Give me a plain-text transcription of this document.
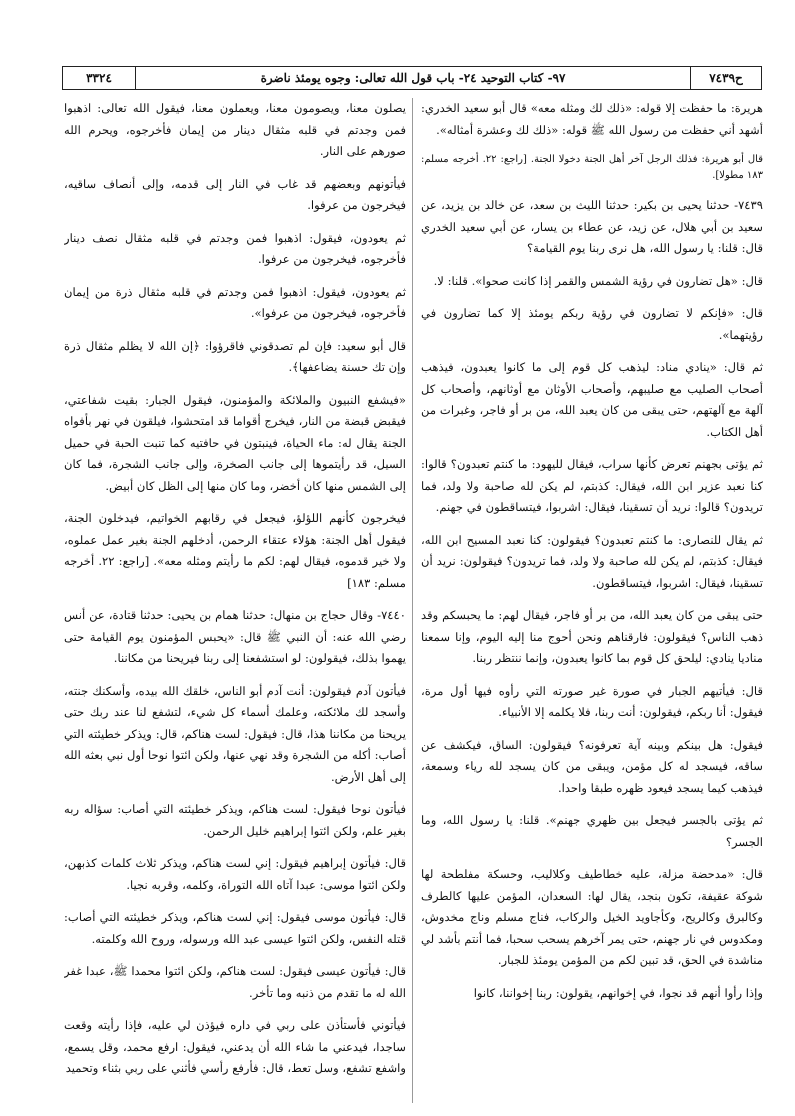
٣٣٢٤	٩٧- كتاب التوحيد ٢٤- باب قول الله تعالى: وجوه يومئذ ناضرة	ح٧٤٣٩

هريرة: ما حفظت إلا قوله: «ذلك لك ومثله معه» قال أبو سعيد الخدري: أشهد أني حفظت من رسول الله ﷺ قوله: «ذلك لك وعشرة أمثاله».

قال أبو هريرة: فذلك الرجل آخر أهل الجنة دخولا الجنة. [راجع: ٢٢. أخرجه مسلم: ١٨٣ مطولا].

٧٤٣٩- حدثنا يحيى بن بكير: حدثنا الليث بن سعد، عن خالد بن يزيد، عن سعيد بن أبي هلال، عن زيد، عن عطاء بن يسار، عن أبي سعيد الخدري قال: قلنا: يا رسول الله، هل نرى ربنا يوم القيامة؟

قال: «هل تضارون في رؤية الشمس والقمر إذا كانت صحوا». قلنا: لا.

قال: «فإنكم لا تضارون في رؤية ربكم يومئذ إلا كما تضارون في رؤيتهما».

ثم قال: «ينادي مناد: ليذهب كل قوم إلى ما كانوا يعبدون، فيذهب أصحاب الصليب مع صليبهم، وأصحاب الأوثان مع أوثانهم، وأصحاب كل آلهة مع آلهتهم، حتى يبقى من كان يعبد الله، من بر أو فاجر، وغبرات من أهل الكتاب.

ثم يؤتى بجهنم تعرض كأنها سراب، فيقال لليهود: ما كنتم تعبدون؟ قالوا: كنا نعبد عزير ابن الله، فيقال: كذبتم، لم يكن لله صاحبة ولا ولد، فما تريدون؟ قالوا: نريد أن تسقينا، فيقال: اشربوا، فيتساقطون في جهنم.

ثم يقال للنصارى: ما كنتم تعبدون؟ فيقولون: كنا نعبد المسيح ابن الله، فيقال: كذبتم، لم يكن لله صاحبة ولا ولد، فما تريدون؟ فيقولون: نريد أن تسقينا، فيقال: اشربوا، فيتساقطون.

حتى يبقى من كان يعبد الله، من بر أو فاجر، فيقال لهم: ما يحبسكم وقد ذهب الناس؟ فيقولون: فارقناهم ونحن أحوج منا إليه اليوم، وإنا سمعنا مناديا ينادي: ليلحق كل قوم بما كانوا يعبدون، وإنما ننتظر ربنا.

قال: فيأتيهم الجبار في صورة غير صورته التي رأوه فيها أول مرة، فيقول: أنا ربكم، فيقولون: أنت ربنا، فلا يكلمه إلا الأنبياء.

فيقول: هل بينكم وبينه آية تعرفونه؟ فيقولون: الساق، فيكشف عن ساقه، فيسجد له كل مؤمن، ويبقى من كان يسجد لله رياء وسمعة، فيذهب كيما يسجد فيعود ظهره طبقا واحدا.

ثم يؤتى بالجسر فيجعل بين ظهري جهنم». قلنا: يا رسول الله، وما الجسر؟

قال: «مدحضة مزلة، عليه خطاطيف وكلاليب، وحسكة مفلطحة لها شوكة عقيفة، تكون بنجد، يقال لها: السعدان، المؤمن عليها كالطرف وكالبرق وكالريح، وكأجاويد الخيل والركاب، فناج مسلم وناج مخدوش، ومكدوس في نار جهنم، حتى يمر آخرهم يسحب سحبا، فما أنتم بأشد لي مناشدة في الحق، قد تبين لكم من المؤمن يومئذ للجبار.

وإذا رأوا أنهم قد نجوا، في إخوانهم، يقولون: ربنا إخواننا، كانوا

يصلون معنا، ويصومون معنا، ويعملون معنا، فيقول الله تعالى: اذهبوا فمن وجدتم في قلبه مثقال دينار من إيمان فأخرجوه، ويحرم الله صورهم على النار.

فيأتونهم وبعضهم قد غاب في النار إلى قدمه، وإلى أنصاف ساقيه، فيخرجون من عرفوا.

ثم يعودون، فيقول: اذهبوا فمن وجدتم في قلبه مثقال نصف دينار فأخرجوه، فيخرجون من عرفوا.

ثم يعودون، فيقول: اذهبوا فمن وجدتم في قلبه مثقال ذرة من إيمان فأخرجوه، فيخرجون من عرفوا».

قال أبو سعيد: فإن لم تصدقوني فاقرؤوا: ﴿إن الله لا يظلم مثقال ذرة وإن تك حسنة يضاعفها﴾.

«فيشفع النبيون والملائكة والمؤمنون، فيقول الجبار: بقيت شفاعتي، فيقبض قبضة من النار، فيخرج أقواما قد امتحشوا، فيلقون في نهر بأفواه الجنة يقال له: ماء الحياة، فينبتون في حافتيه كما تنبت الحبة في حميل السيل، قد رأيتموها إلى جانب الصخرة، وإلى جانب الشجرة، فما كان إلى الشمس منها كان أخضر، وما كان منها إلى الظل كان أبيض.

فيخرجون كأنهم اللؤلؤ، فيجعل في رقابهم الخواتيم، فيدخلون الجنة، فيقول أهل الجنة: هؤلاء عتقاء الرحمن، أدخلهم الجنة بغير عمل عملوه، ولا خير قدموه، فيقال لهم: لكم ما رأيتم ومثله معه». [راجع: ٢٢. أخرجه مسلم: ١٨٣]

٧٤٤٠- وقال حجاج بن منهال: حدثنا همام بن يحيى: حدثنا قتادة، عن أنس رضي الله عنه: أن النبي ﷺ قال: «يحبس المؤمنون يوم القيامة حتى يهموا بذلك، فيقولون: لو استشفعنا إلى ربنا فيريحنا من مكاننا.

فيأتون آدم فيقولون: أنت آدم أبو الناس، خلقك الله بيده، وأسكنك جنته، وأسجد لك ملائكته، وعلمك أسماء كل شيء، لتشفع لنا عند ربك حتى يريحنا من مكاننا هذا، قال: فيقول: لست هناكم، قال: ويذكر خطيئته التي أصاب: أكله من الشجرة وقد نهي عنها، ولكن ائتوا نوحا أول نبي بعثه الله إلى أهل الأرض.

فيأتون نوحا فيقول: لست هناكم، ويذكر خطيئته التي أصاب: سؤاله ربه بغير علم، ولكن ائتوا إبراهيم خليل الرحمن.

قال: فيأتون إبراهيم فيقول: إني لست هناكم، ويذكر ثلاث كلمات كذبهن، ولكن ائتوا موسى: عبدا آتاه الله التوراة، وكلمه، وقربه نجيا.

قال: فيأتون موسى فيقول: إني لست هناكم، ويذكر خطيئته التي أصاب: قتله النفس، ولكن ائتوا عيسى عبد الله ورسوله، وروح الله وكلمته.

قال: فيأتون عيسى فيقول: لست هناكم، ولكن ائتوا محمدا ﷺ، عبدا غفر الله له ما تقدم من ذنبه وما تأخر.

فيأتوني فأستأذن على ربي في داره فيؤذن لي عليه، فإذا رأيته وقعت ساجدا، فيدعني ما شاء الله أن يدعني، فيقول: ارفع محمد، وقل يسمع، واشفع تشفع، وسل تعط، قال: فأرفع رأسي فأثني على ربي بثناء وتحميد
